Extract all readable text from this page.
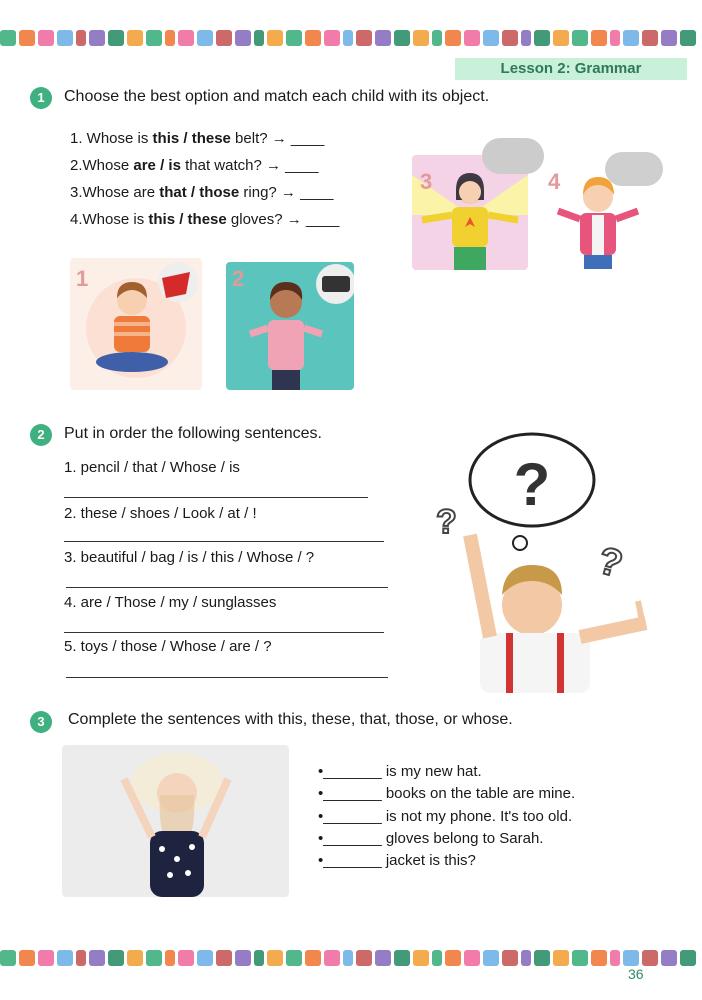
Lesson 2: Grammar
1	Choose the best option and match each child with its object.
1. Whose is this / these belt? → ____
2.Whose are / is that watch? → ____
3.Whose are that / those ring? → ____
4.Whose is this / these gloves? → ____
3	4
1	2
2	Put in order the following sentences.
1. pencil / that / Whose / is
2. these / shoes / Look / at / !
3. beautiful / bag / is / this / Whose / ?
4. are / Those / my / sunglasses
5. toys / those / Whose / are / ?
?
?
?
3	Complete the sentences with this, these, that, those, or whose.
•_______ is my new hat.
•_______ books on the table are mine.
•_______ is not my phone. It's too old.
•_______ gloves belong to Sarah.
•_______ jacket is this?
36
